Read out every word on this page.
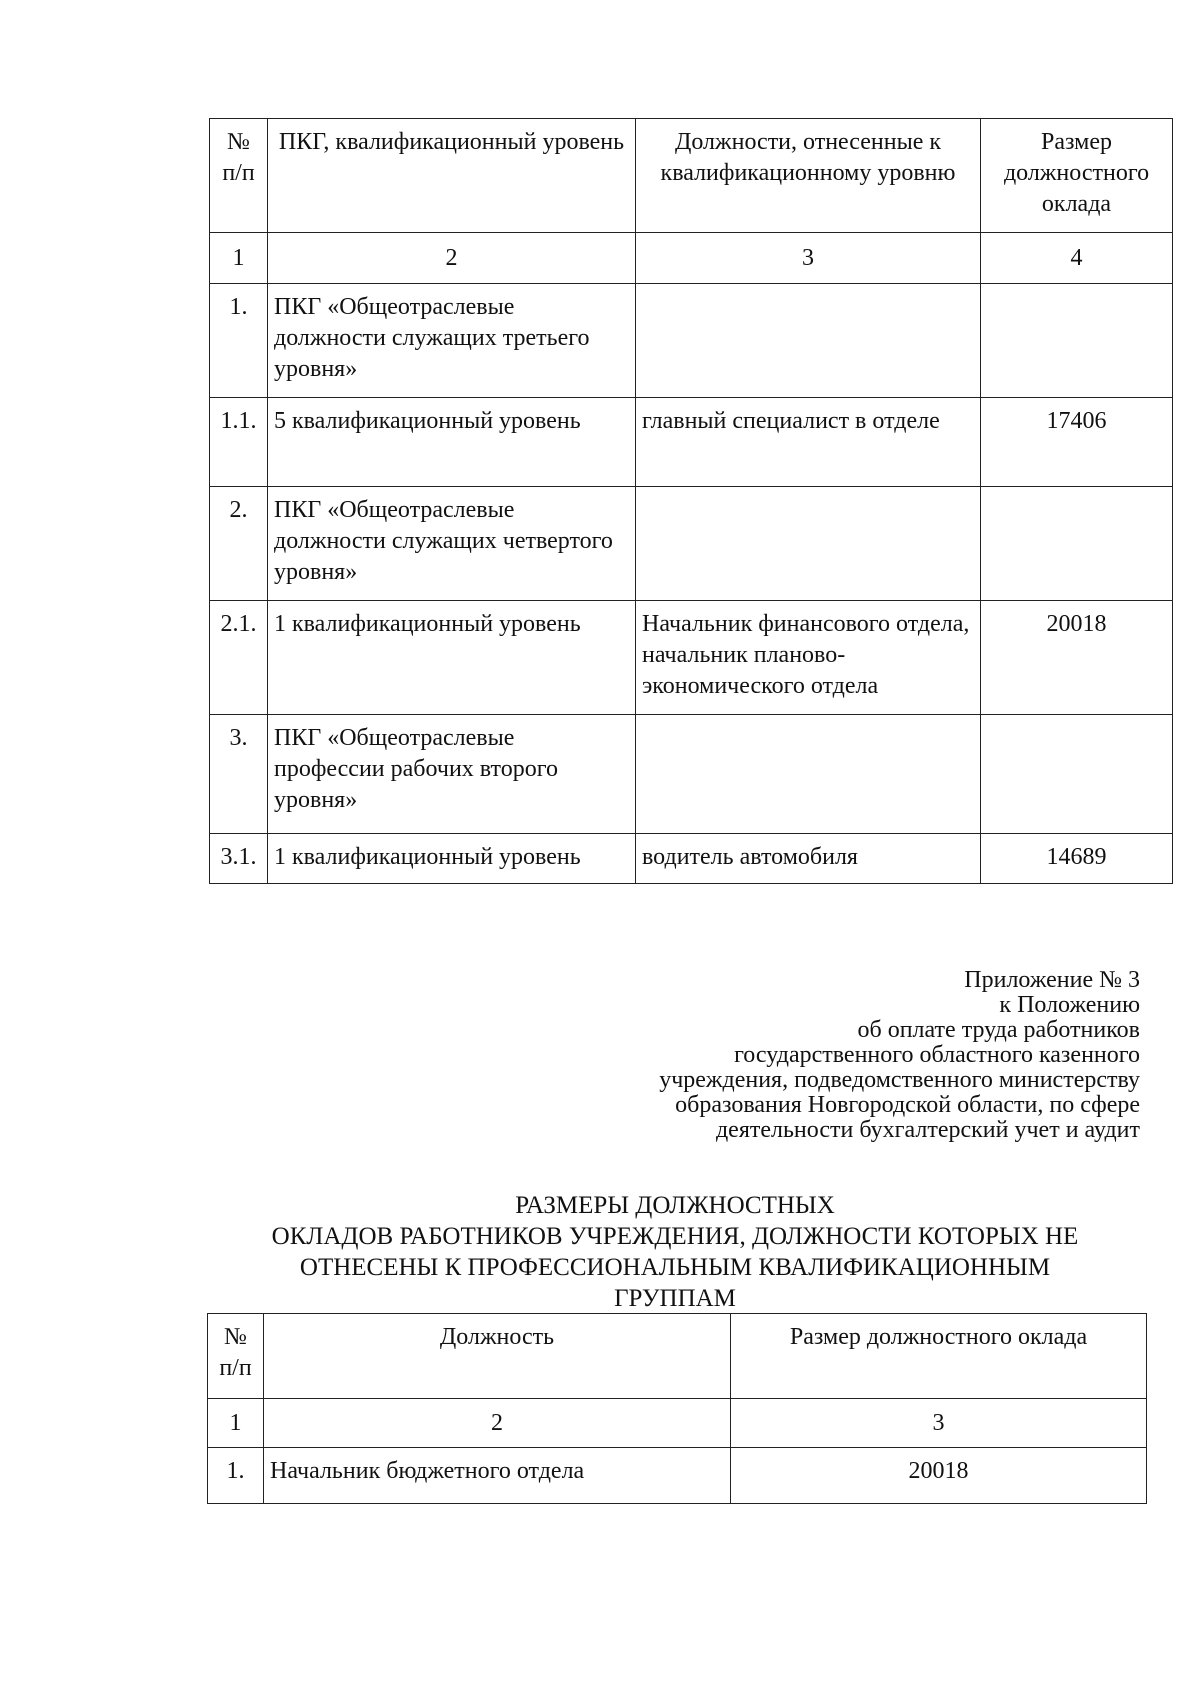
№ п/п	ПКГ, квалификационный уровень	Должности, отнесенные к квалификационному уровню	Размер должностного оклада
1	2	3	4
1.	ПКГ «Общеотраслевые должности служащих третьего уровня»		
1.1.	5 квалификационный уровень	главный специалист в отделе	17406
2.	ПКГ «Общеотраслевые должности служащих четвертого уровня»		
2.1.	1 квалификационный уровень	Начальник финансового отдела, начальник планово-экономического отдела	20018
3.	ПКГ «Общеотраслевые профессии рабочих второго уровня»		
3.1.	1 квалификационный уровень	водитель автомобиля	14689
Приложение № 3
к Положению
об оплате труда работников
государственного областного казенного
учреждения, подведомственного министерству
образования Новгородской области, по сфере
деятельности бухгалтерский учет и аудит
РАЗМЕРЫ ДОЛЖНОСТНЫХ
ОКЛАДОВ РАБОТНИКОВ УЧРЕЖДЕНИЯ, ДОЛЖНОСТИ КОТОРЫХ НЕ
ОТНЕСЕНЫ К ПРОФЕССИОНАЛЬНЫМ КВАЛИФИКАЦИОННЫМ
ГРУППАМ
№ п/п	Должность	Размер должностного оклада
1	2	3
1.	Начальник бюджетного отдела	20018
